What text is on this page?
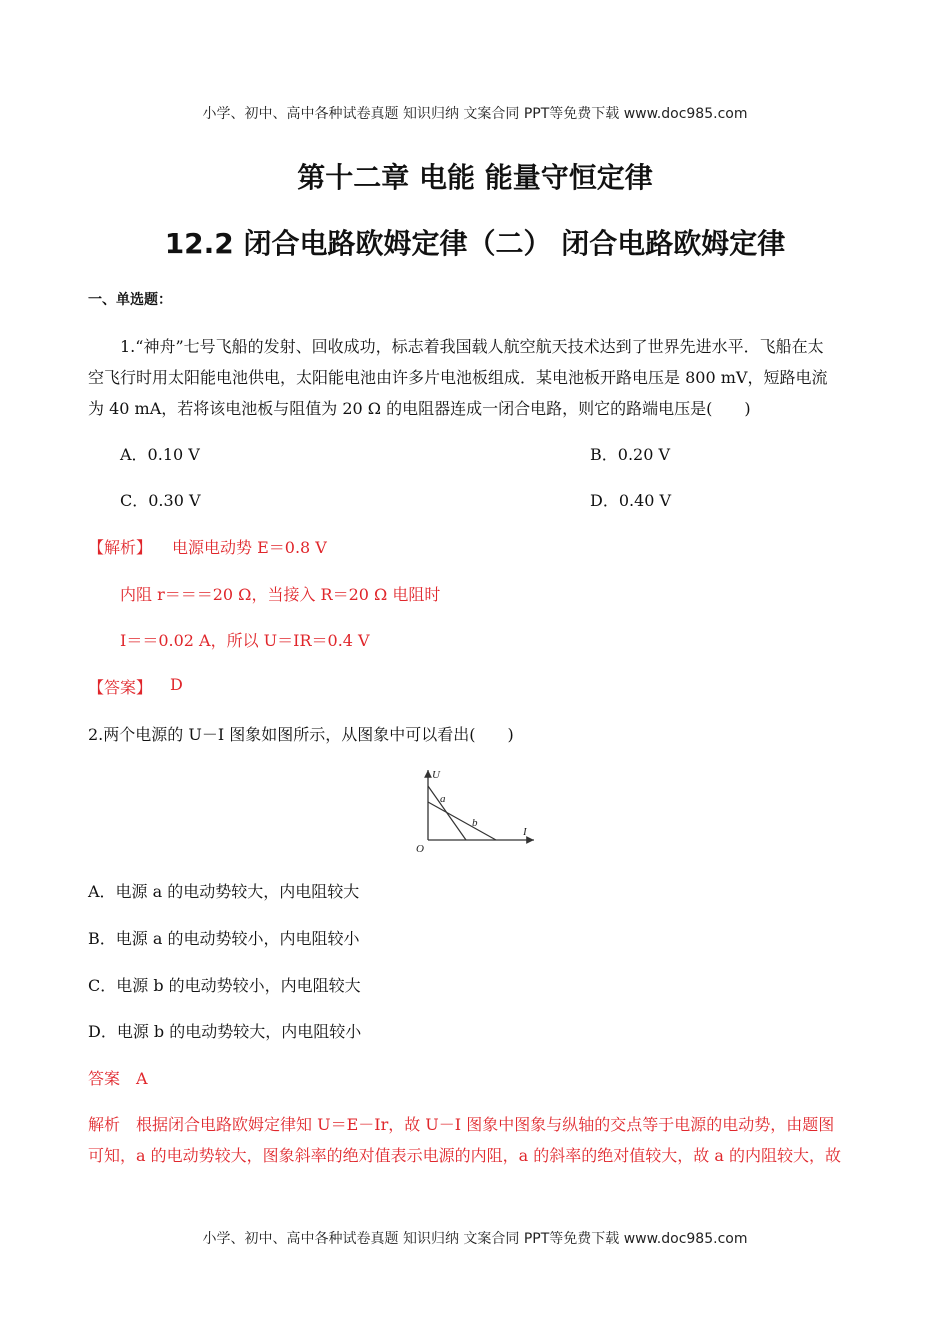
小学、初中、高中各种试卷真题 知识归纳 文案合同 PPT等免费下载 www.doc985.com
第十二章 电能 能量守恒定律
12.2 闭合电路欧姆定律（二） 闭合电路欧姆定律
一、单选题：
1.“神舟”七号飞船的发射、回收成功，标志着我国载人航空航天技术达到了世界先进水平．飞船在太
空飞行时用太阳能电池供电，太阳能电池由许多片电池板组成．某电池板开路电压是 800 mV，短路电流
为 40 mA，若将该电池板与阻值为 20 Ω 的电阻器连成一闭合电路，则它的路端电压是(　　)
A．0.10 V	B．0.20 V
C．0.30 V	D．0.40 V
【解析】 电源电动势 E＝0.8 V
内阻 r＝＝＝20 Ω，当接入 R＝20 Ω 电阻时
I＝＝0.02 A，所以 U＝IR＝0.4 V
【答案】 D
2.两个电源的 U－I 图象如图所示，从图象中可以看出(　　)
U
I
O
a
b
A．电源 a 的电动势较大，内电阻较大
B．电源 a 的电动势较小，内电阻较小
C．电源 b 的电动势较小，内电阻较大
D．电源 b 的电动势较大，内电阻较小
答案　A
解析　根据闭合电路欧姆定律知 U＝E－Ir，故 U－I 图象中图象与纵轴的交点等于电源的电动势，由题图
可知，a 的电动势较大，图象斜率的绝对值表示电源的内阻，a 的斜率的绝对值较大，故 a 的内阻较大，故
小学、初中、高中各种试卷真题 知识归纳 文案合同 PPT等免费下载 www.doc985.com
